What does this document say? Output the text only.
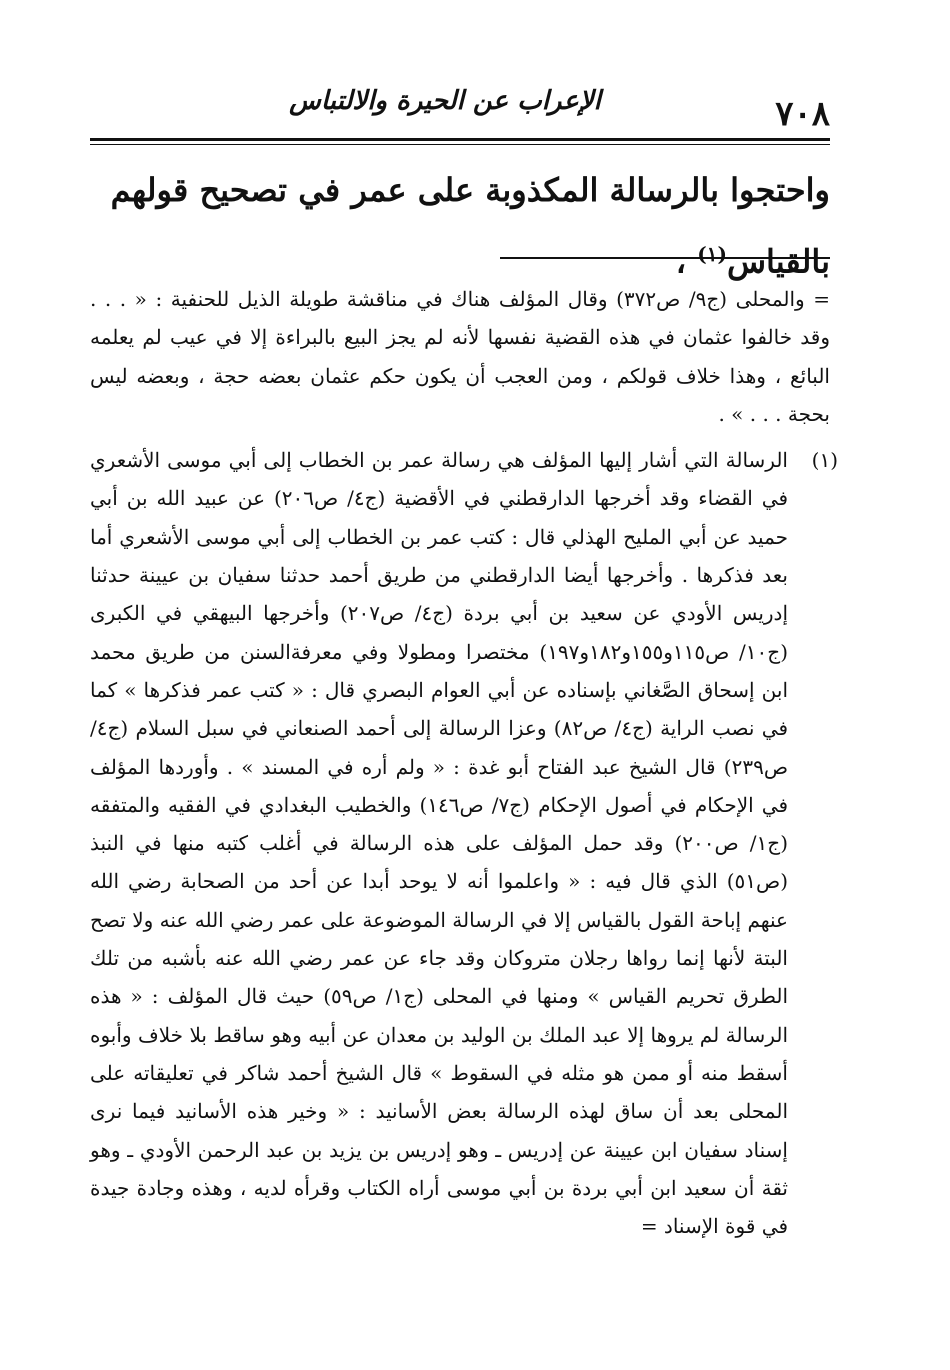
٧٠٨
الإعراب عن الحيرة والالتباس
واحتجوا بالرسالة المكذوبة على عمر في تصحيح قولهم بالقياس$^{(١)}$ ،

= والمحلى (ج٩/ ص٣٧٢) وقال المؤلف هناك في مناقشة طويلة الذيل للحنفية : « . . . وقد خالفوا عثمان في هذه القضية نفسها لأنه لم يجز البيع بالبراءة إلا في عيب لم يعلمه البائع ، وهذا خلاف قولكم ، ومن العجب أن يكون حكم عثمان بعضه حجة ، وبعضه ليس بحجة . . . » .

(١)
الرسالة التي أشار إليها المؤلف هي رسالة عمر بن الخطاب إلى أبي موسى الأشعري في القضاء وقد أخرجها الدارقطني في الأقضية (ج٤/ ص٢٠٦) عن عبيد الله بن أبي حميد عن أبي المليح الهذلي قال : كتب عمر بن الخطاب إلى أبي موسى الأشعري أما بعد فذكرها . وأخرجها أيضا الدارقطني من طريق أحمد حدثنا سفيان بن عيينة حدثنا إدريس الأودي عن سعيد بن أبي بردة (ج٤/ ص٢٠٧) وأخرجها البيهقي في الكبرى (ج١٠/ ص١١٥و١٥٥و١٨٢و١٩٧) مختصرا ومطولا وفي معرفةالسنن من طريق محمد ابن إسحاق الصَّغاني بإسناده عن أبي العوام البصري قال : « كتب عمر فذكرها » كما في نصب الراية (ج٤/ ص٨٢) وعزا الرسالة إلى أحمد الصنعاني في سبل السلام (ج٤/ ص٢٣٩) قال الشيخ عبد الفتاح أبو غدة : « ولم أره في المسند » . وأوردها المؤلف في الإحكام في أصول الإحكام (ج٧/ ص١٤٦) والخطيب البغدادي في الفقيه والمتفقه (ج١/ ص٢٠٠) وقد حمل المؤلف على هذه الرسالة في أغلب كتبه منها في النبذ (ص٥١) الذي قال فيه : « واعلموا أنه لا يوحد أبدا عن أحد من الصحابة رضي الله عنهم إباحة القول بالقياس إلا في الرسالة الموضوعة على عمر رضي الله عنه ولا تصح البتة لأنها إنما رواها رجلان متروكان وقد جاء عن عمر رضي الله عنه بأشبه من تلك الطرق تحريم القياس » ومنها في المحلى (ج١/ ص٥٩) حيث قال المؤلف : « هذه الرسالة لم يروها إلا عبد الملك بن الوليد بن معدان عن أبيه وهو ساقط بلا خلاف وأبوه أسقط منه أو ممن هو مثله في السقوط » قال الشيخ أحمد شاكر في تعليقاته على المحلى بعد أن ساق لهذه الرسالة بعض الأسانيد : « وخير هذه الأسانيد فيما نرى إسناد سفيان ابن عيينة عن إدريس ـ وهو إدريس بن يزيد بن عبد الرحمن الأودي ـ وهو ثقة أن سعيد ابن أبي بردة بن أبي موسى أراه الكتاب وقرأه لديه ، وهذه وجادة جيدة في قوة الإسناد =
